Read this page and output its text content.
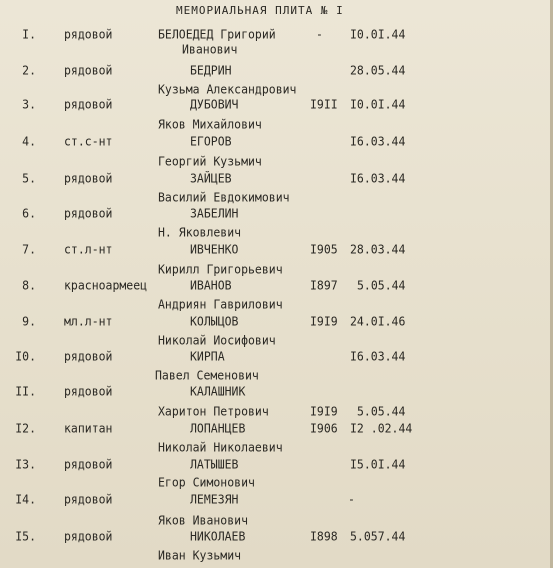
МЕМОРИАЛЬНАЯ ПЛИТА № I
I. рядовой	БЕЛОЕДЕД Григорий	- I0.0I.44
Иванович
2. рядовой	БЕДРИН	28.05.44
Кузьма Александрович
3. рядовой	ДУБОВИЧ	I9II I0.0I.44
Яков Михайлович
4. ст.с-нт	ЕГОРОВ	I6.03.44
Георгий Кузьмич
5. рядовой	ЗАЙЦЕВ	I6.03.44
Василий Евдокимович
6. рядовой	ЗАБЕЛИН
Н. Яковлевич
7. ст.л-нт	ИВЧЕНКО	I905 28.03.44
Кирилл Григорьевич
8. красноармеец	ИВАНОВ	I897 5.05.44
Андриян Гаврилович
9. мл.л-нт	КОЛЫЦОВ	I9I9 24.0I.46
Николай Иосифович
I0. рядовой	КИРПА	I6.03.44
Павел Семенович
II. рядовой	КАЛАШНИК
Харитон Петрович	I9I9 5.05.44
I2. капитан	ЛОПАНЦЕВ	I906 I2 .02.44
Николай Николаевич
I3. рядовой	ЛАТЫШЕВ	I5.0I.44
Егор Симонович
I4. рядовой	ЛЕМЕЗЯН	-
Яков Иванович
I5. рядовой	НИКОЛАЕВ	I898 5.057.44
Иван Кузьмич
